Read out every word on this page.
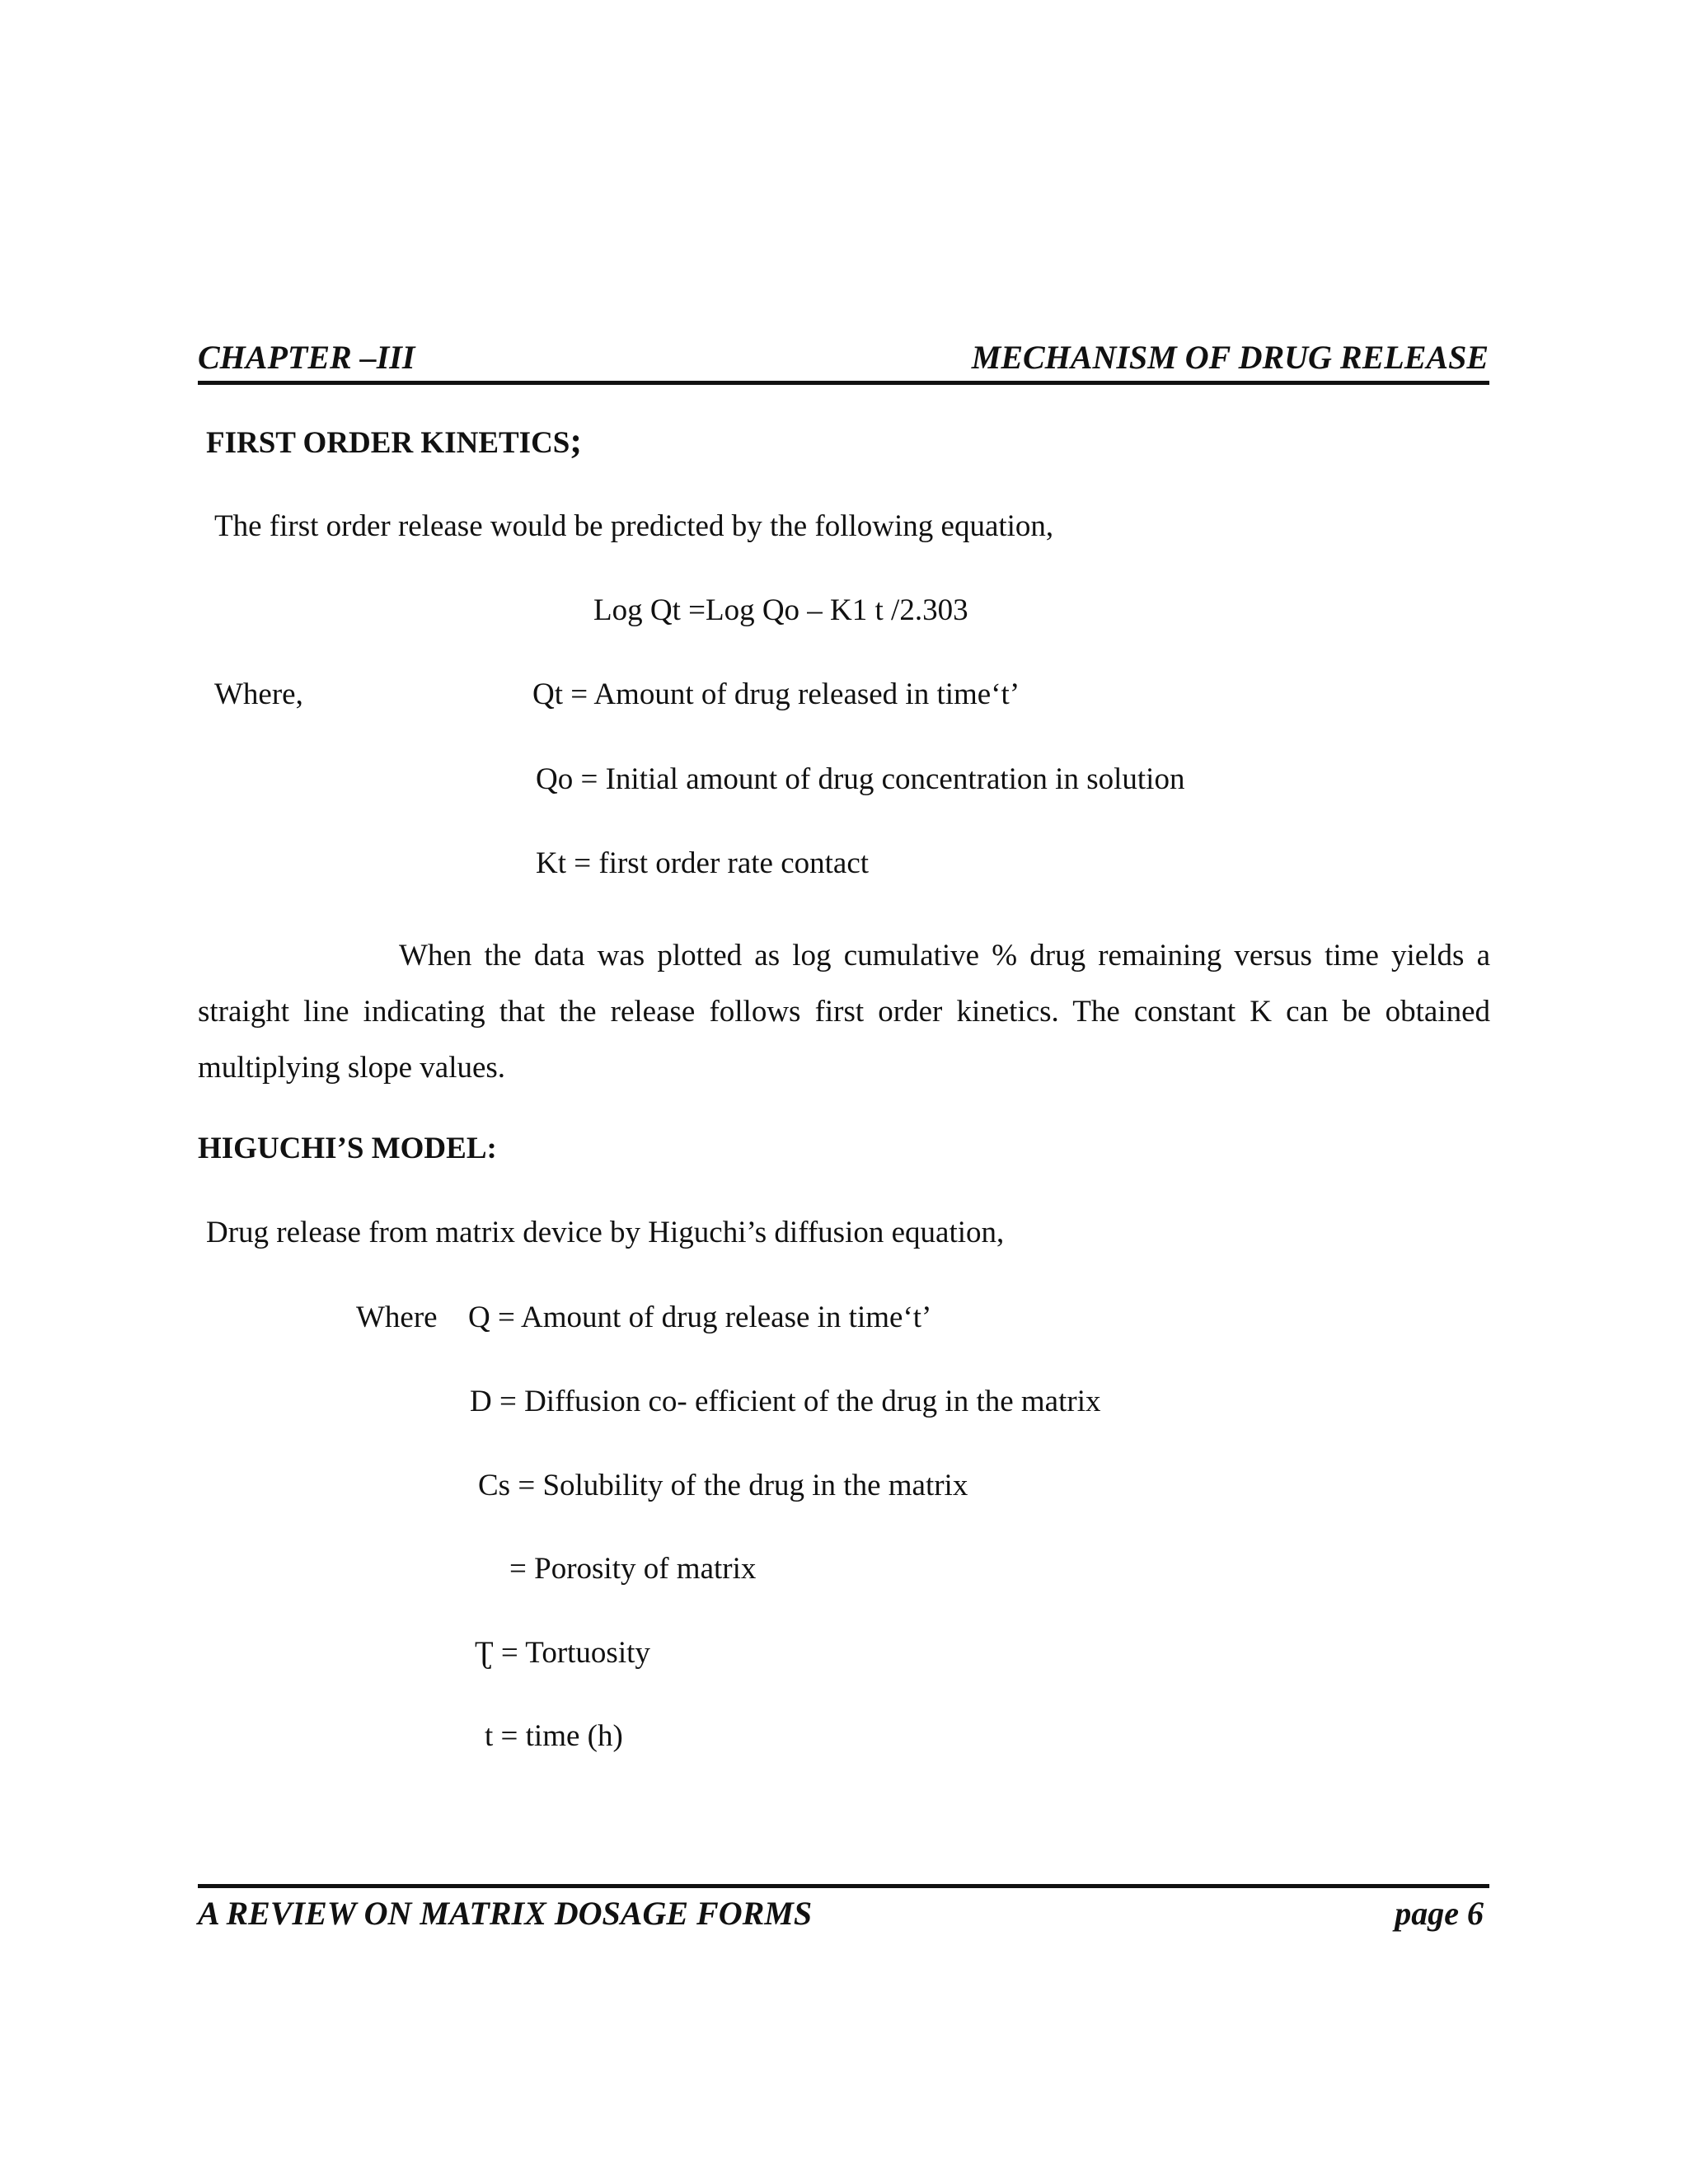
CHAPTER –III	MECHANISM OF DRUG RELEASE
FIRST ORDER KINETICS;
The first order release would be predicted by the following equation,
Log Qt =Log Qo – K1 t /2.303
Where,	Qt = Amount of drug released in time‘t’
Qo = Initial amount of drug concentration in solution
Kt = first order rate contact
When the data was plotted as log cumulative % drug remaining versus time yields a straight line indicating that the release follows first order kinetics. The constant K can be obtained multiplying slope values.
HIGUCHI’S MODEL:
Drug release from matrix device by Higuchi’s diffusion equation,
Where Q = Amount of drug release in time‘t’
D = Diffusion co- efficient of the drug in the matrix
Cs = Solubility of the drug in the matrix
= Porosity of matrix
Ʈ = Tortuosity
t = time (h)
A REVIEW ON MATRIX DOSAGE FORMS	page 6
